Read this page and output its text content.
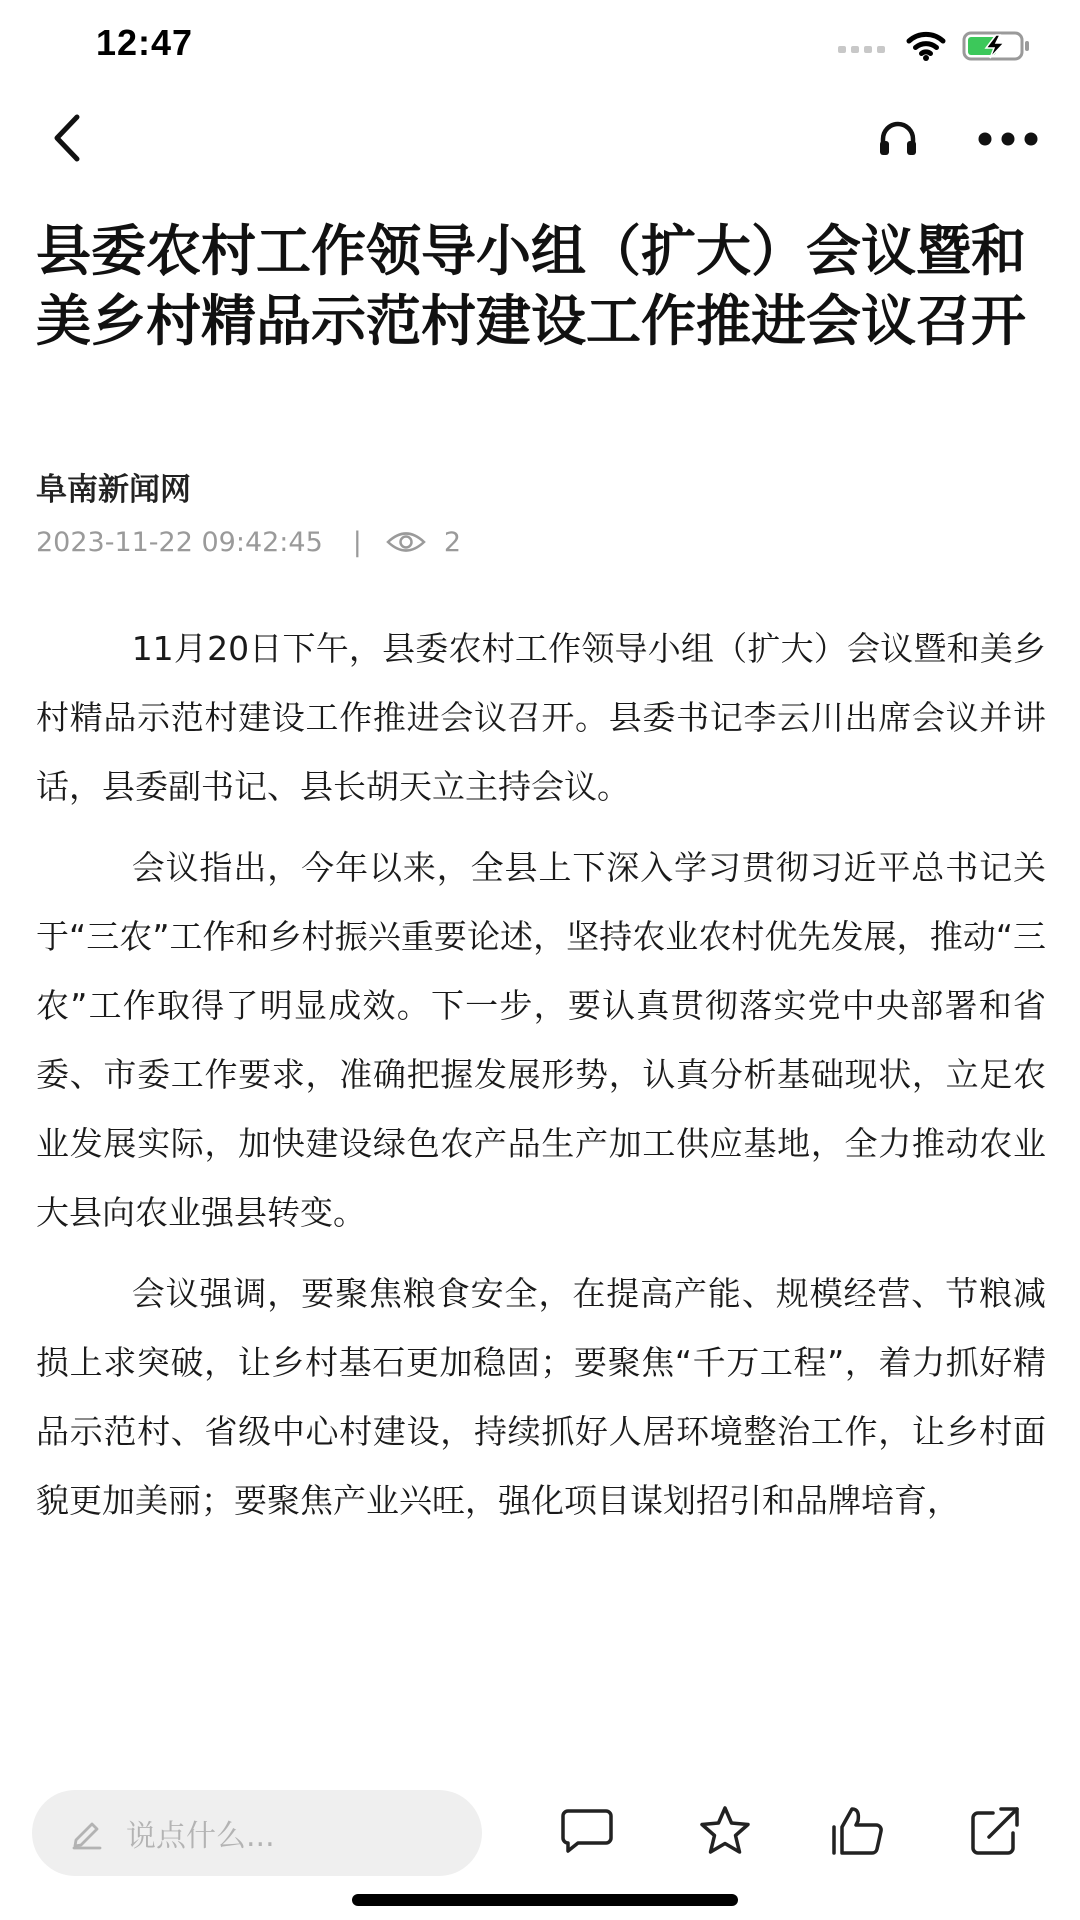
12:47
县委农村工作领导小组（扩大）会议暨和美乡村精品示范村建设工作推进会议召开
阜南新闻网
2023-11-22 09:42:45 |	2

11月20日下午，县委农村工作领导小组（扩大）会议暨和美乡村精品示范村建设工作推进会议召开。县委书记李云川出席会议并讲话，县委副书记、县长胡天立主持会议。

会议指出，今年以来，全县上下深入学习贯彻习近平总书记关于“三农”工作和乡村振兴重要论述，坚持农业农村优先发展，推动“三农”工作取得了明显成效。下一步，要认真贯彻落实党中央部署和省委、市委工作要求，准确把握发展形势，认真分析基础现状，立足农业发展实际，加快建设绿色农产品生产加工供应基地，全力推动农业大县向农业强县转变。

会议强调，要聚焦粮食安全，在提高产能、规模经营、节粮减损上求突破，让乡村基石更加稳固；要聚焦“千万工程”，着力抓好精品示范村、省级中心村建设，持续抓好人居环境整治工作，让乡村面貌更加美丽；要聚焦产业兴旺，强化项目谋划招引和品牌培育，

说点什么...
